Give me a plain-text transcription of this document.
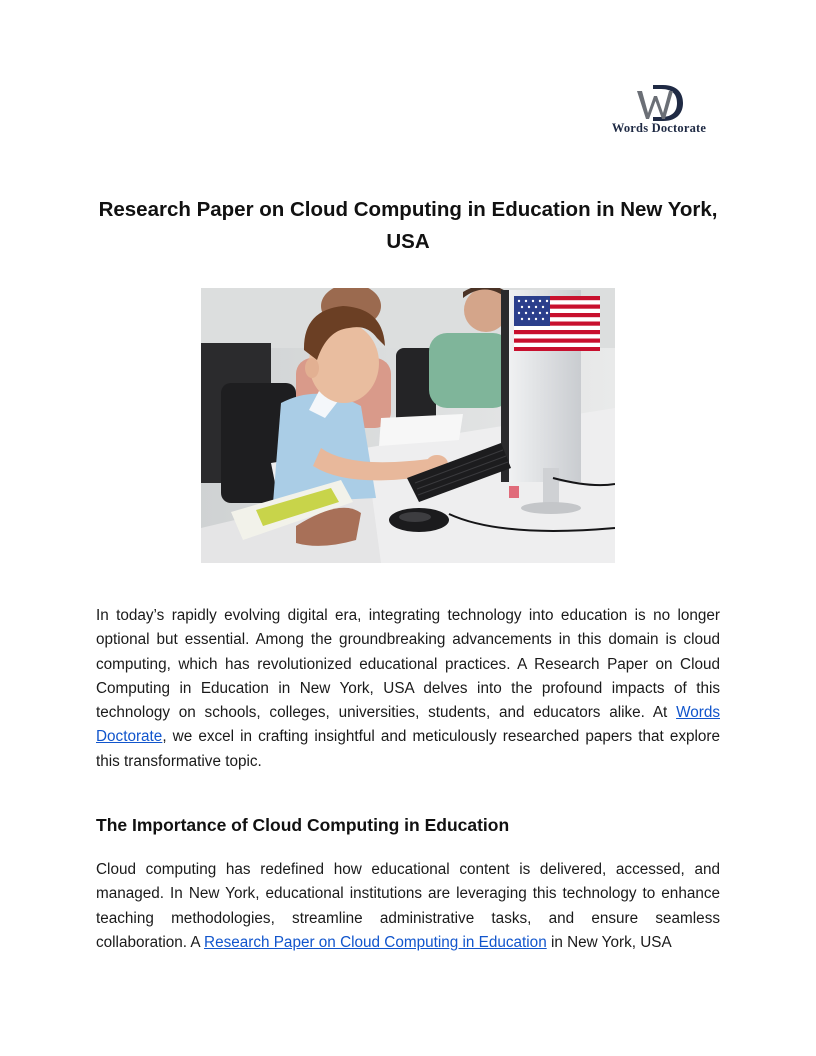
Words Doctorate
Research Paper on Cloud Computing in Education in New York, USA

In today’s rapidly evolving digital era, integrating technology into education is no longer optional but essential. Among the groundbreaking advancements in this domain is cloud computing, which has revolutionized educational practices. A Research Paper on Cloud Computing in Education in New York, USA delves into the profound impacts of this technology on schools, colleges, universities, students, and educators alike. At Words Doctorate, we excel in crafting insightful and meticulously researched papers that explore this transformative topic.

The Importance of Cloud Computing in Education

Cloud computing has redefined how educational content is delivered, accessed, and managed. In New York, educational institutions are leveraging this technology to enhance teaching methodologies, streamline administrative tasks, and ensure seamless collaboration. A Research Paper on Cloud Computing in Education in New York, USA
